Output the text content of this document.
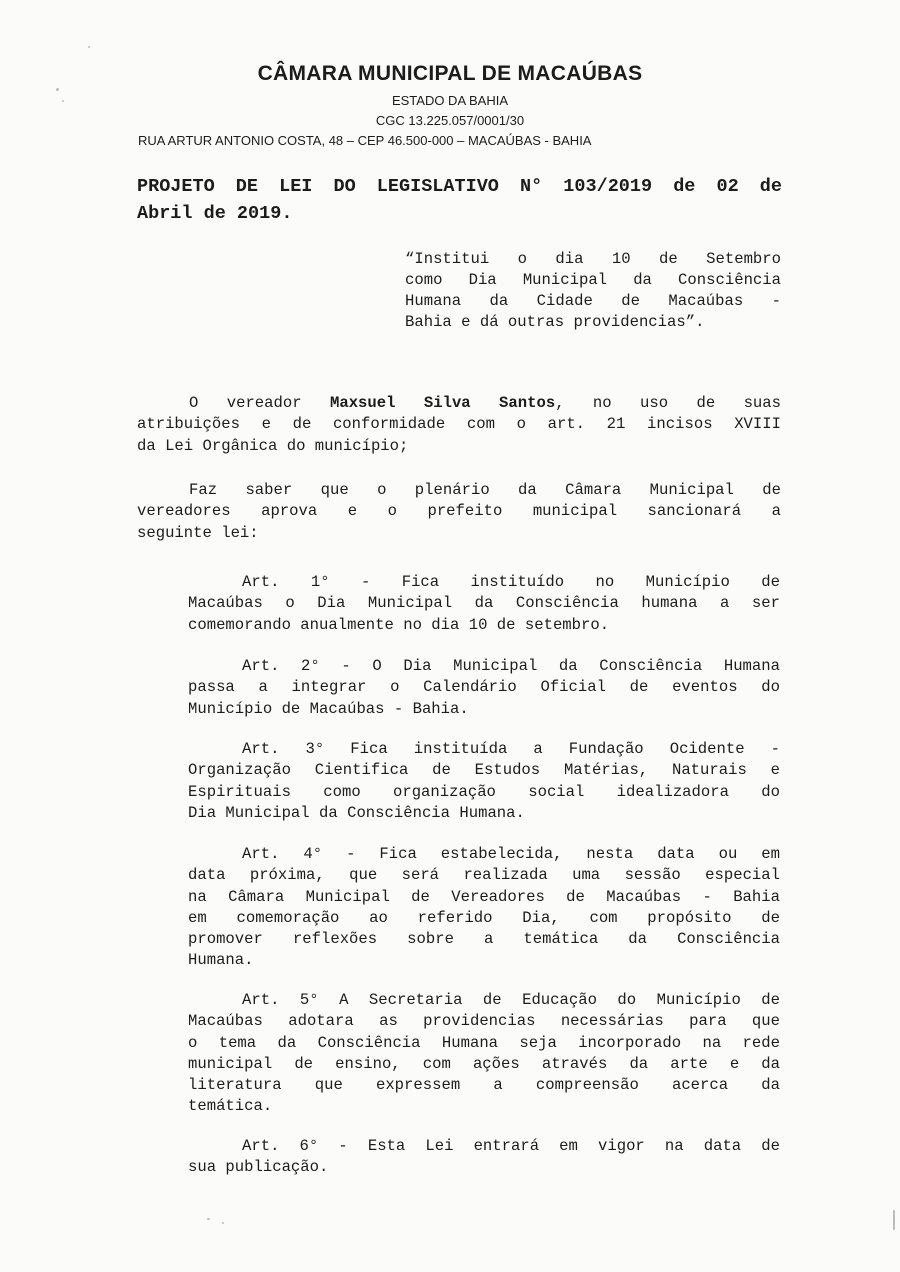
CÂMARA MUNICIPAL DE MACAÚBAS
ESTADO DA BAHIA
CGC 13.225.057/0001/30
RUA ARTUR ANTONIO COSTA, 48 – CEP 46.500-000 – MACAÚBAS - BAHIA
PROJETO DE LEI DO LEGISLATIVO N° 103/2019 de 02 de
Abril de 2019.
“Institui o dia 10 de Setembro
como Dia Municipal da Consciência
Humana da Cidade de Macaúbas -
Bahia e dá outras providencias”.
O vereador Maxsuel Silva Santos, no uso de suas
atribuições e de conformidade com o art. 21 incisos XVIII
da Lei Orgânica do município;
Faz saber que o plenário da Câmara Municipal de
vereadores aprova e o prefeito municipal sancionará a
seguinte lei:
Art. 1° - Fica instituído no Município de
Macaúbas o Dia Municipal da Consciência humana a ser
comemorando anualmente no dia 10 de setembro.
Art. 2° - O Dia Municipal da Consciência Humana
passa a integrar o Calendário Oficial de eventos do
Município de Macaúbas - Bahia.
Art. 3° Fica instituída a Fundação Ocidente -
Organização Cientifica de Estudos Matérias, Naturais e
Espirituais como organização social idealizadora do
Dia Municipal da Consciência Humana.
Art. 4° - Fica estabelecida, nesta data ou em
data próxima, que será realizada uma sessão especial
na Câmara Municipal de Vereadores de Macaúbas - Bahia
em comemoração ao referido Dia, com propósito de
promover reflexões sobre a temática da Consciência
Humana.
Art. 5° A Secretaria de Educação do Município de
Macaúbas adotara as providencias necessárias para que
o tema da Consciência Humana seja incorporado na rede
municipal de ensino, com ações através da arte e da
literatura que expressem a compreensão acerca da
temática.
Art. 6° - Esta Lei entrará em vigor na data de
sua publicação.
